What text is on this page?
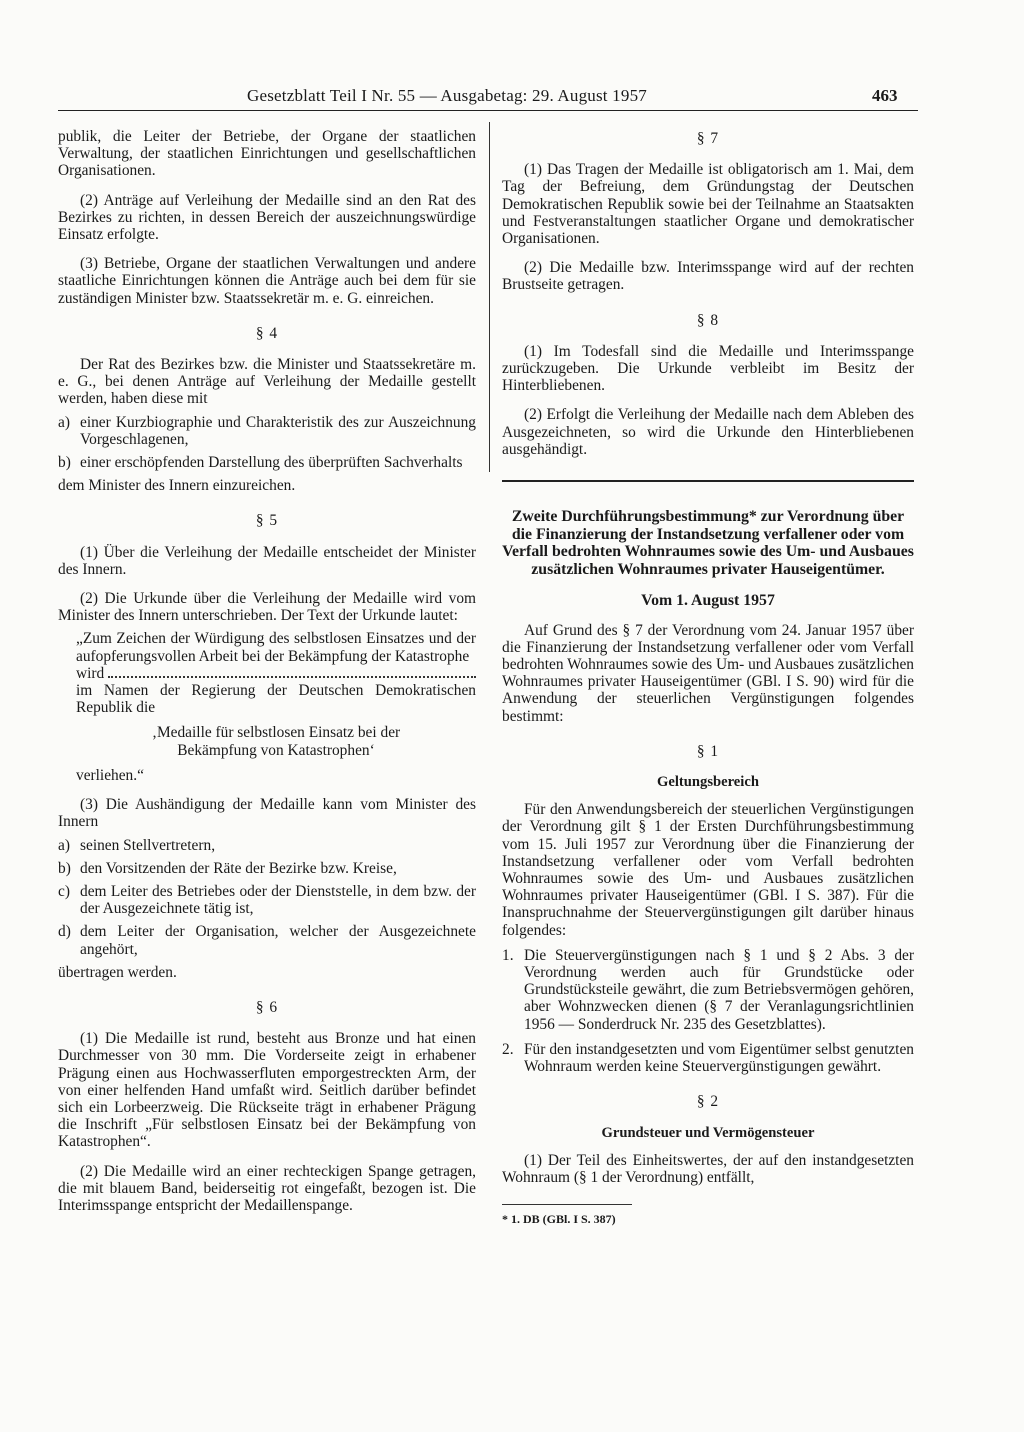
Gesetzblatt Teil I Nr. 55 — Ausgabetag: 29. August 1957	463

publik, die Leiter der Betriebe, der Organe der staatlichen Verwaltung, der staatlichen Einrichtungen und gesellschaftlichen Organisationen.

(2) Anträge auf Verleihung der Medaille sind an den Rat des Bezirkes zu richten, in dessen Bereich der auszeichnungswürdige Einsatz erfolgte.

(3) Betriebe, Organe der staatlichen Verwaltungen und andere staatliche Einrichtungen können die Anträge auch bei dem für sie zuständigen Minister bzw. Staatssekretär m. e. G. einreichen.

§ 4

Der Rat des Bezirkes bzw. die Minister und Staatssekretäre m. e. G., bei denen Anträge auf Verleihung der Medaille gestellt werden, haben diese mit

a) einer Kurzbiographie und Charakteristik des zur Auszeichnung Vorgeschlagenen,
b) einer erschöpfenden Darstellung des überprüften Sachverhalts

dem Minister des Innern einzureichen.

§ 5

(1) Über die Verleihung der Medaille entscheidet der Minister des Innern.

(2) Die Urkunde über die Verleihung der Medaille wird vom Minister des Innern unterschrieben. Der Text der Urkunde lautet:

„Zum Zeichen der Würdigung des selbstlosen Einsatzes und der aufopferungsvollen Arbeit bei der Bekämpfung der Katastrophe

wird

im Namen der Regierung der Deutschen Demokratischen Republik die

‚Medaille für selbstlosen Einsatz bei der
Bekämpfung von Katastrophen‘

verliehen.“

(3) Die Aushändigung der Medaille kann vom Minister des Innern

a) seinen Stellvertretern,
b) den Vorsitzenden der Räte der Bezirke bzw. Kreise,
c) dem Leiter des Betriebes oder der Dienststelle, in dem bzw. der der Ausgezeichnete tätig ist,
d) dem Leiter der Organisation, welcher der Ausgezeichnete angehört,

übertragen werden.

§ 6

(1) Die Medaille ist rund, besteht aus Bronze und hat einen Durchmesser von 30 mm. Die Vorderseite zeigt in erhabener Prägung einen aus Hochwasserfluten emporgestreckten Arm, der von einer helfenden Hand umfaßt wird. Seitlich darüber befindet sich ein Lorbeerzweig. Die Rückseite trägt in erhabener Prägung die Inschrift „Für selbstlosen Einsatz bei der Bekämpfung von Katastrophen“.

(2) Die Medaille wird an einer rechteckigen Spange getragen, die mit blauem Band, beiderseitig rot eingefaßt, bezogen ist. Die Interimsspange entspricht der Medaillenspange.

§ 7

(1) Das Tragen der Medaille ist obligatorisch am 1. Mai, dem Tag der Befreiung, dem Gründungstag der Deutschen Demokratischen Republik sowie bei der Teilnahme an Staatsakten und Festveranstaltungen staatlicher Organe und demokratischer Organisationen.

(2) Die Medaille bzw. Interimsspange wird auf der rechten Brustseite getragen.

§ 8

(1) Im Todesfall sind die Medaille und Interimsspange zurückzugeben. Die Urkunde verbleibt im Besitz der Hinterbliebenen.

(2) Erfolgt die Verleihung der Medaille nach dem Ableben des Ausgezeichneten, so wird die Urkunde den Hinterbliebenen ausgehändigt.

Zweite Durchführungsbestimmung* zur Verordnung über die Finanzierung der Instandsetzung verfallener oder vom Verfall bedrohten Wohnraumes sowie des Um- und Ausbaues zusätzlichen Wohnraumes privater Hauseigentümer.
Vom 1. August 1957

Auf Grund des § 7 der Verordnung vom 24. Januar 1957 über die Finanzierung der Instandsetzung verfallener oder vom Verfall bedrohten Wohnraumes sowie des Um- und Ausbaues zusätzlichen Wohnraumes privater Hauseigentümer (GBl. I S. 90) wird für die Anwendung der steuerlichen Vergünstigungen folgendes bestimmt:

§ 1
Geltungsbereich

Für den Anwendungsbereich der steuerlichen Vergünstigungen der Verordnung gilt § 1 der Ersten Durchführungsbestimmung vom 15. Juli 1957 zur Verordnung über die Finanzierung der Instandsetzung verfallener oder vom Verfall bedrohten Wohnraumes sowie des Um- und Ausbaues zusätzlichen Wohnraumes privater Hauseigentümer (GBl. I S. 387). Für die Inanspruchnahme der Steuervergünstigungen gilt darüber hinaus folgendes:

1. Die Steuervergünstigungen nach § 1 und § 2 Abs. 3 der Verordnung werden auch für Grundstücke oder Grundstücksteile gewährt, die zum Betriebsvermögen gehören, aber Wohnzwecken dienen (§ 7 der Veranlagungsrichtlinien 1956 — Sonderdruck Nr. 235 des Gesetzblattes).
2. Für den instandgesetzten und vom Eigentümer selbst genutzten Wohnraum werden keine Steuervergünstigungen gewährt.
§ 2
Grundsteuer und Vermögensteuer

(1) Der Teil des Einheitswertes, der auf den instandgesetzten Wohnraum (§ 1 der Verordnung) entfällt,

* 1. DB (GBl. I S. 387)
